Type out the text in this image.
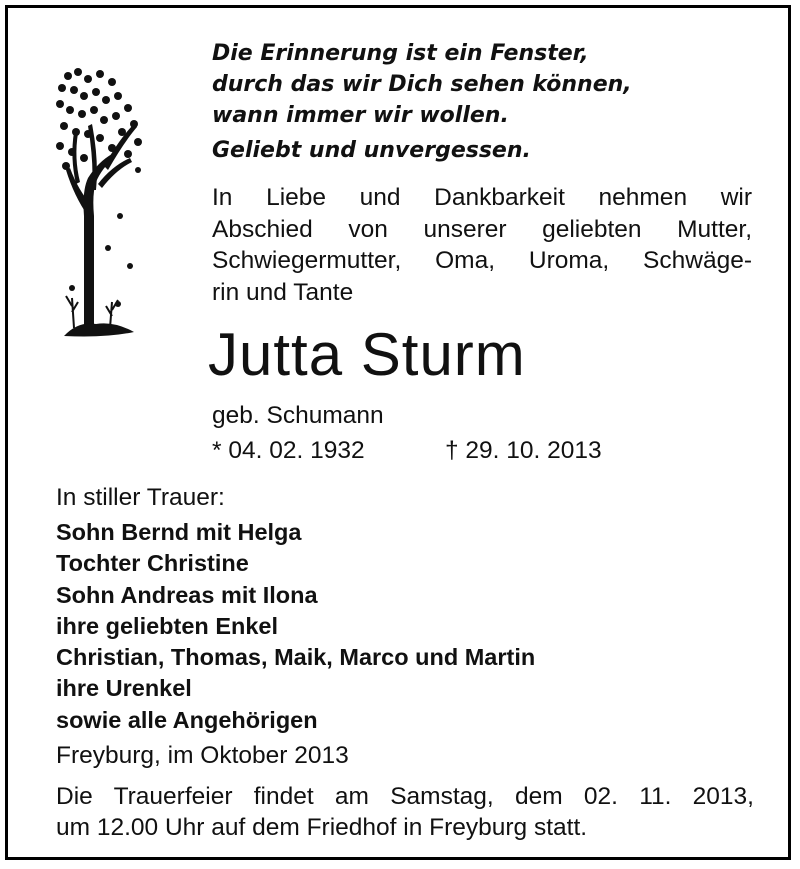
Die Erinnerung ist ein Fenster,
durch das wir Dich sehen können,
wann immer wir wollen.
Geliebt und unvergessen.
In Liebe und Dankbarkeit nehmen wir
Abschied von unserer geliebten Mutter,
Schwiegermutter, Oma, Uroma, Schwäge-
rin und Tante
Jutta Sturm
geb. Schumann
* 04. 02. 1932	† 29. 10. 2013
In stiller Trauer:
Sohn Bernd mit Helga
Tochter Christine
Sohn Andreas mit Ilona
ihre geliebten Enkel
Christian, Thomas, Maik, Marco und Martin
ihre Urenkel
sowie alle Angehörigen
Freyburg, im Oktober 2013
Die Trauerfeier findet am Samstag, dem 02. 11. 2013,
um 12.00 Uhr auf dem Friedhof in Freyburg statt.
